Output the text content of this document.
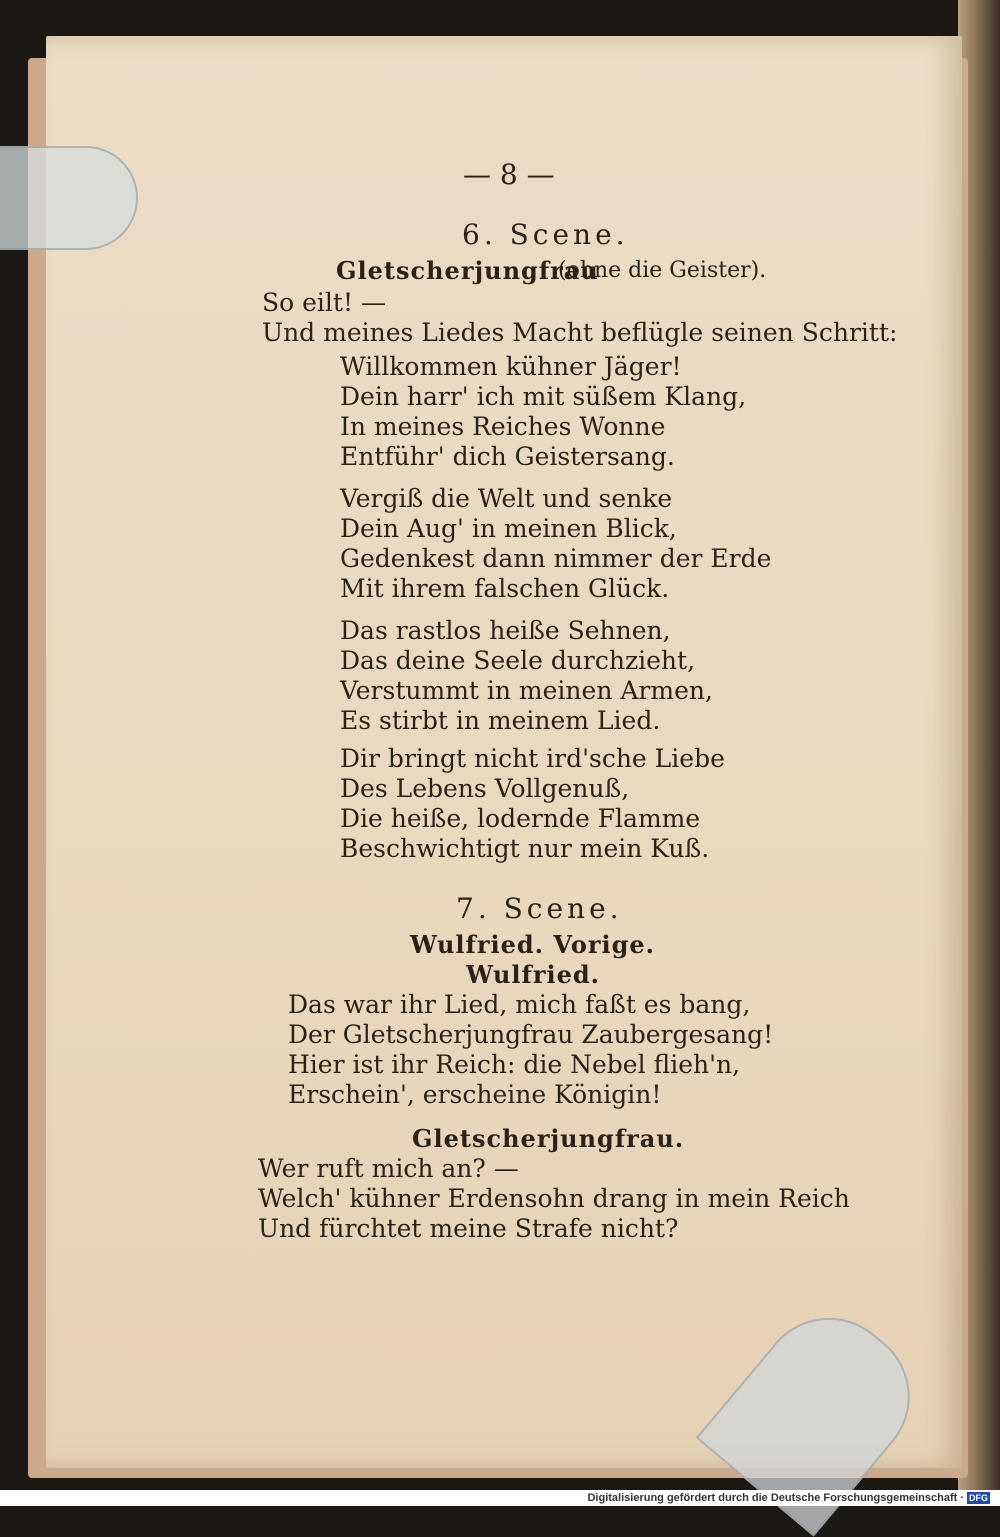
— 8 —
6. Scene.
Gletscherjungfrau
(ohne die Geister).
So eilt! —
Und meines Liedes Macht beflügle seinen Schritt:
Willkommen kühner Jäger!
Dein harr' ich mit süßem Klang,
In meines Reiches Wonne
Entführ' dich Geistersang.
Vergiß die Welt und senke
Dein Aug' in meinen Blick,
Gedenkest dann nimmer der Erde
Mit ihrem falschen Glück.
Das rastlos heiße Sehnen,
Das deine Seele durchzieht,
Verstummt in meinen Armen,
Es stirbt in meinem Lied.
Dir bringt nicht ird'sche Liebe
Des Lebens Vollgenuß,
Die heiße, lodernde Flamme
Beschwichtigt nur mein Kuß.
7. Scene.
Wulfried. Vorige.
Wulfried.
Das war ihr Lied, mich faßt es bang,
Der Gletscherjungfrau Zaubergesang!
Hier ist ihr Reich: die Nebel flieh'n,
Erschein', erscheine Königin!
Gletscherjungfrau.
Wer ruft mich an? —
Welch' kühner Erdensohn drang in mein Reich
Und fürchtet meine Strafe nicht?
Digitalisierung gefördert durch die Deutsche Forschungsgemeinschaft · DFG
